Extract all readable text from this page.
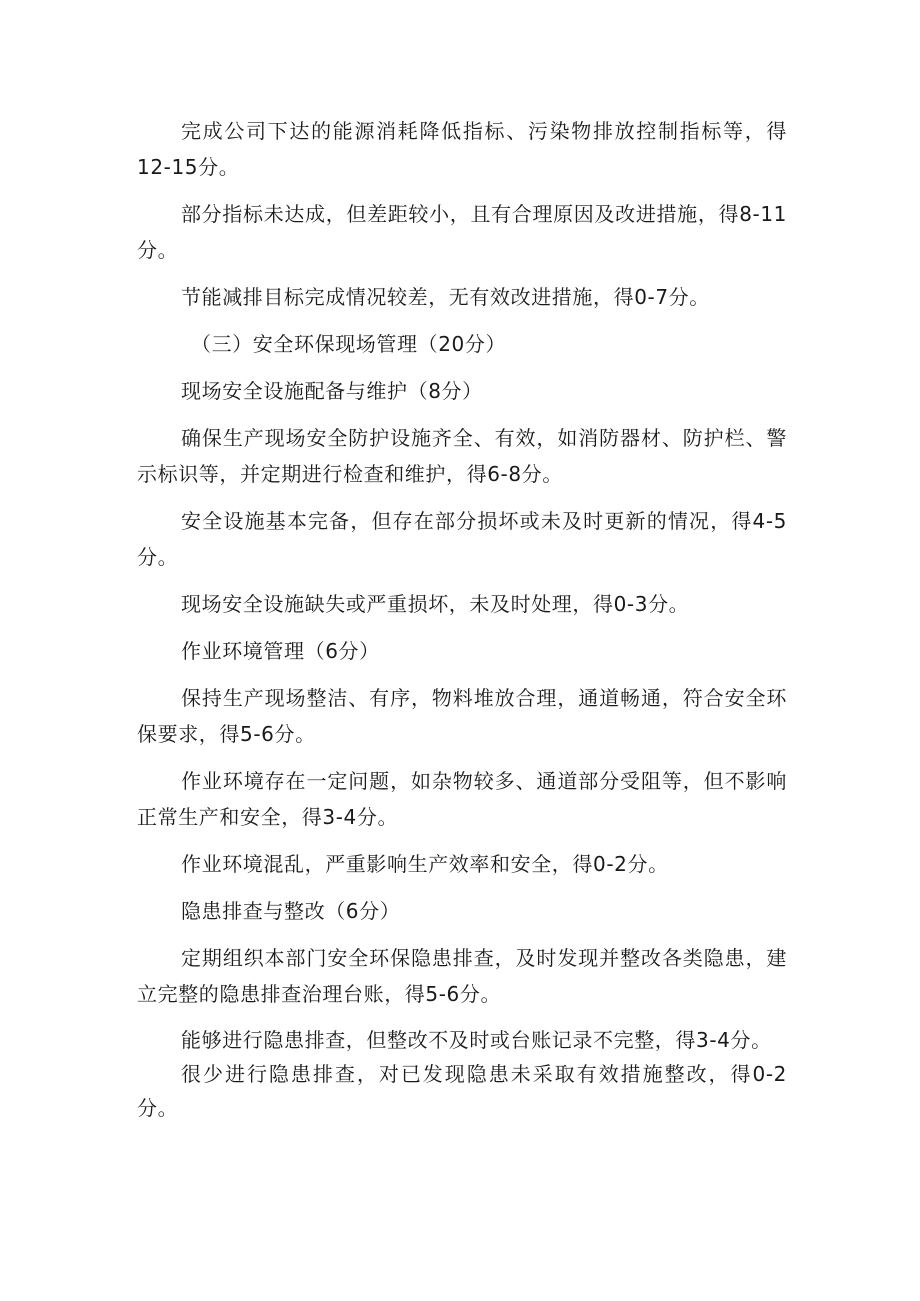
完成公司下达的能源消耗降低指标、污染物排放控制指标等，得12-15分。

部分指标未达成，但差距较小，且有合理原因及改进措施，得8-11分。

节能减排目标完成情况较差，无有效改进措施，得0-7分。

（三）安全环保现场管理（20分）

现场安全设施配备与维护（8分）

确保生产现场安全防护设施齐全、有效，如消防器材、防护栏、警示标识等，并定期进行检查和维护，得6-8分。

安全设施基本完备，但存在部分损坏或未及时更新的情况，得4-5分。

现场安全设施缺失或严重损坏，未及时处理，得0-3分。

作业环境管理（6分）

保持生产现场整洁、有序，物料堆放合理，通道畅通，符合安全环保要求，得5-6分。

作业环境存在一定问题，如杂物较多、通道部分受阻等，但不影响正常生产和安全，得3-4分。

作业环境混乱，严重影响生产效率和安全，得0-2分。

隐患排查与整改（6分）

定期组织本部门安全环保隐患排查，及时发现并整改各类隐患，建立完整的隐患排查治理台账，得5-6分。

能够进行隐患排查，但整改不及时或台账记录不完整，得3-4分。

很少进行隐患排查，对已发现隐患未采取有效措施整改，得0-2分。
